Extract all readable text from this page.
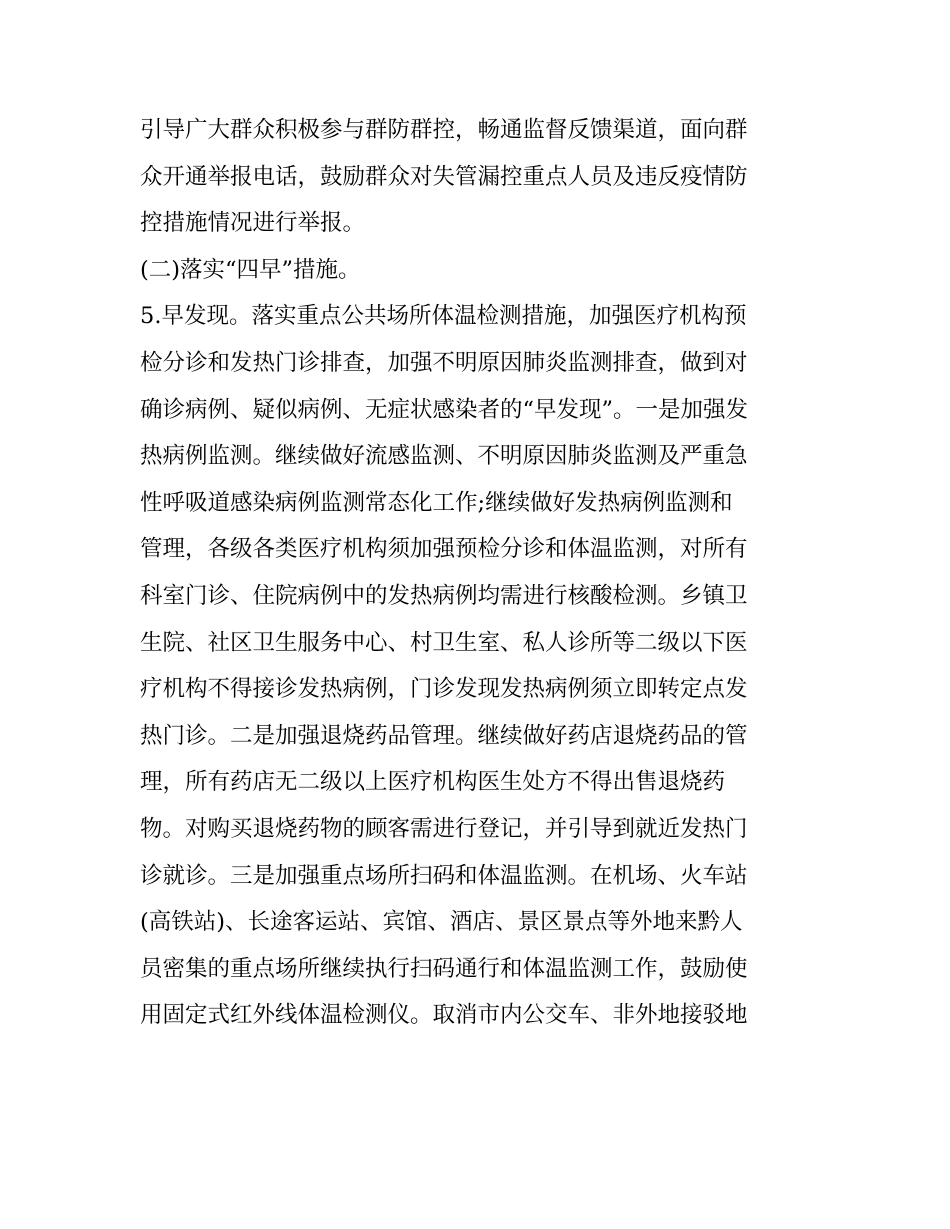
引导广大群众积极参与群防群控，畅通监督反馈渠道，面向群
众开通举报电话，鼓励群众对失管漏控重点人员及违反疫情防
控措施情况进行举报。
(二)落实“四早”措施。
5.早发现。落实重点公共场所体温检测措施，加强医疗机构预
检分诊和发热门诊排查，加强不明原因肺炎监测排查，做到对
确诊病例、疑似病例、无症状感染者的“早发现”。一是加强发
热病例监测。继续做好流感监测、不明原因肺炎监测及严重急
性呼吸道感染病例监测常态化工作;继续做好发热病例监测和
管理，各级各类医疗机构须加强预检分诊和体温监测，对所有
科室门诊、住院病例中的发热病例均需进行核酸检测。乡镇卫
生院、社区卫生服务中心、村卫生室、私人诊所等二级以下医
疗机构不得接诊发热病例，门诊发现发热病例须立即转定点发
热门诊。二是加强退烧药品管理。继续做好药店退烧药品的管
理，所有药店无二级以上医疗机构医生处方不得出售退烧药
物。对购买退烧药物的顾客需进行登记，并引导到就近发热门
诊就诊。三是加强重点场所扫码和体温监测。在机场、火车站
(高铁站)、长途客运站、宾馆、酒店、景区景点等外地来黔人
员密集的重点场所继续执行扫码通行和体温监测工作，鼓励使
用固定式红外线体温检测仪。取消市内公交车、非外地接驳地
